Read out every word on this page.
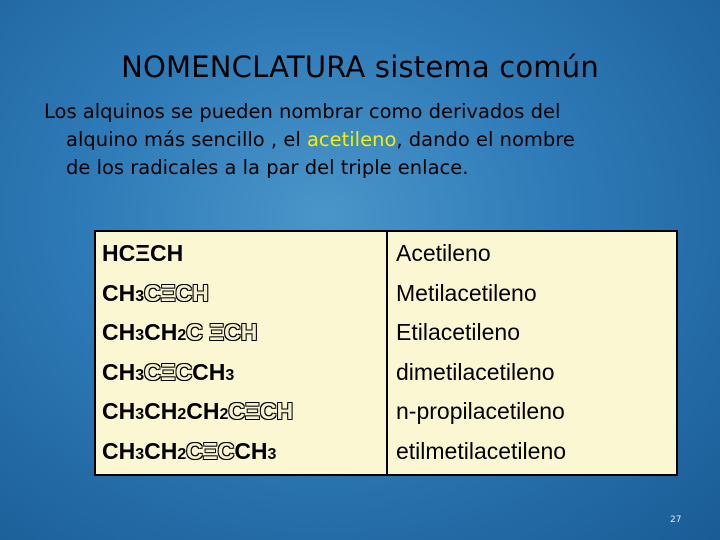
NOMENCLATURA sistema común
Los alquinos se pueden nombrar como derivados del
alquino más sencillo , el acetileno, dando el nombre
de los radicales a la par del triple enlace.
HCΞCH
$CH_3$ CΞCH
$CH_3$ $CH_2$ C ΞCH
$CH_3$ CΞC $CH_3$
$CH_3$ $CH_2$ $CH_2$ CΞCH
$CH_3$ $CH_2$ CΞC $CH_3$
Acetileno
Metilacetileno
Etilacetileno
dimetilacetileno
n-propilacetileno
etilmetilacetileno
27
